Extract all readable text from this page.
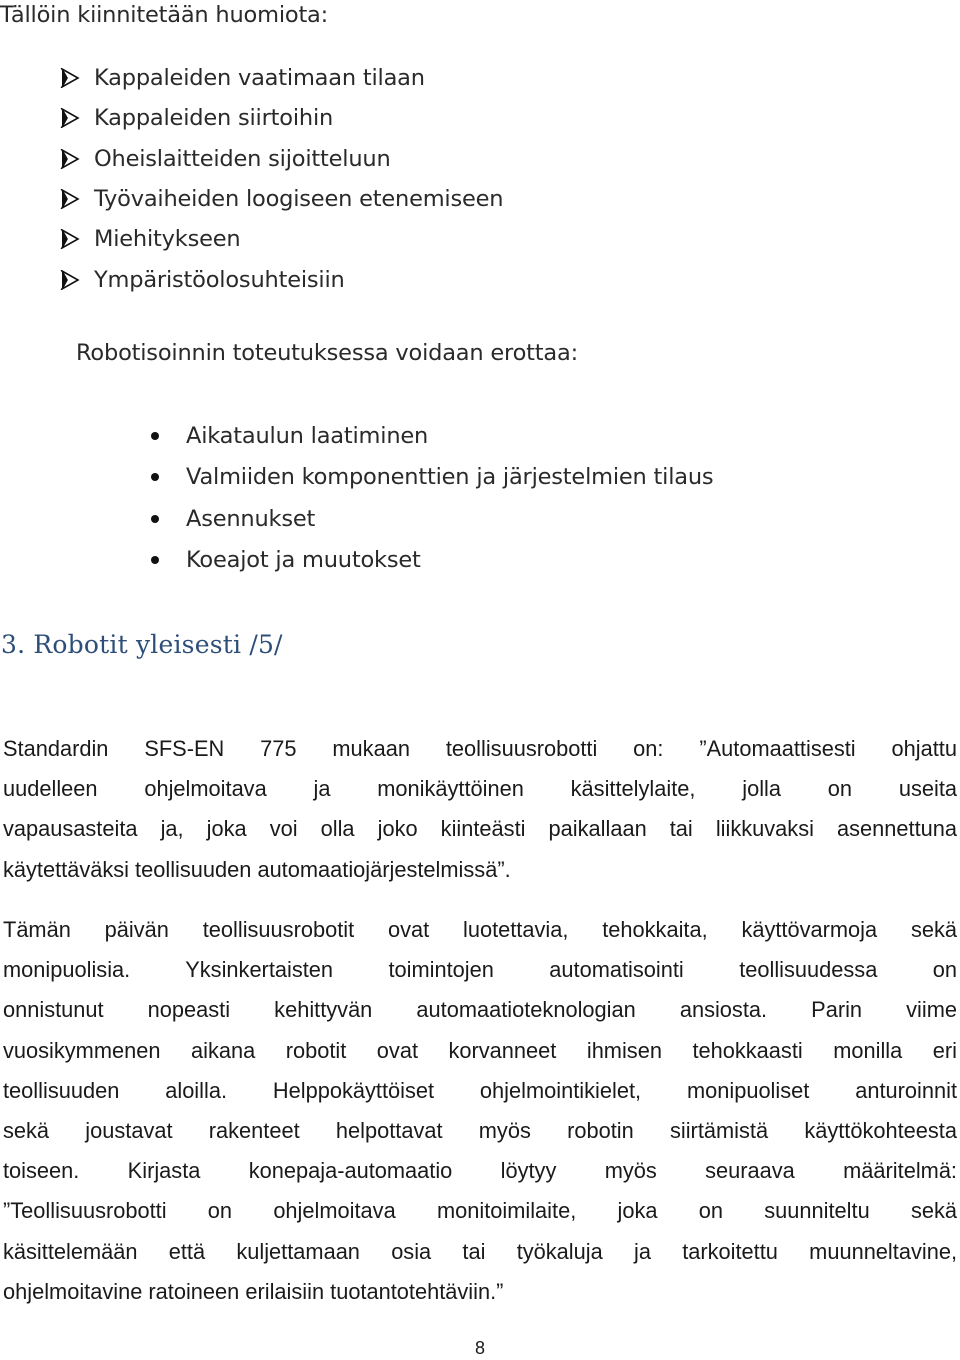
Tällöin kiinnitetään huomiota:
Kappaleiden vaatimaan tilaan
Kappaleiden siirtoihin
Oheislaitteiden sijoitteluun
Työvaiheiden loogiseen etenemiseen
Miehitykseen
Ympäristöolosuhteisiin
Robotisoinnin toteutuksessa voidaan erottaa:
Aikataulun laatiminen
Valmiiden komponenttien ja järjestelmien tilaus
Asennukset
Koeajot ja muutokset
3. Robotit yleisesti /5/
Standardin SFS-EN 775 mukaan teollisuusrobotti on: ”Automaattisesti ohjattu
uudelleen ohjelmoitava ja monikäyttöinen käsittelylaite, jolla on useita
vapausasteita ja, joka voi olla joko kiinteästi paikallaan tai liikkuvaksi asennettuna
käytettäväksi teollisuuden automaatiojärjestelmissä”.
Tämän päivän teollisuusrobotit ovat luotettavia, tehokkaita, käyttövarmoja sekä
monipuolisia. Yksinkertaisten toimintojen automatisointi teollisuudessa on
onnistunut nopeasti kehittyvän automaatioteknologian ansiosta. Parin viime
vuosikymmenen aikana robotit ovat korvanneet ihmisen tehokkaasti monilla eri
teollisuuden aloilla. Helppokäyttöiset ohjelmointikielet, monipuoliset anturoinnit
sekä joustavat rakenteet helpottavat myös robotin siirtämistä käyttökohteesta
toiseen. Kirjasta konepaja-automaatio löytyy myös seuraava määritelmä:
”Teollisuusrobotti on ohjelmoitava monitoimilaite, joka on suunniteltu sekä
käsittelemään että kuljettamaan osia tai työkaluja ja tarkoitettu muunneltavine,
ohjelmoitavine ratoineen erilaisiin tuotantotehtäviin.”
8
